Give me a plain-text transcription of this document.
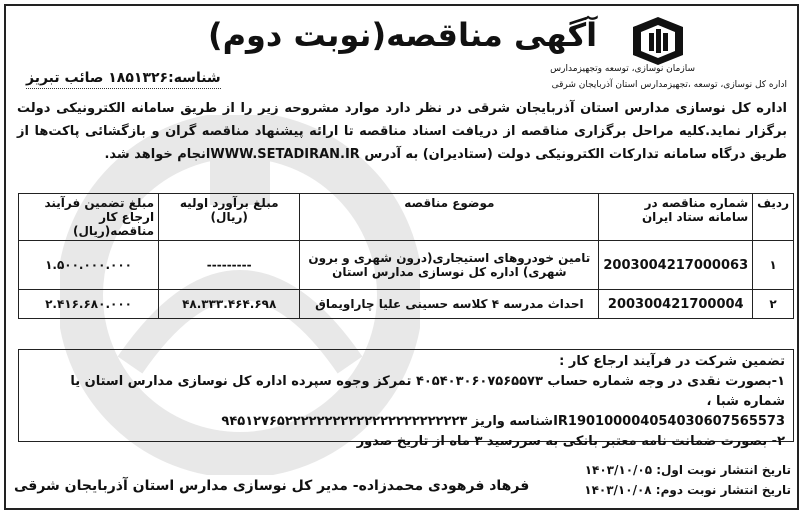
آگهی مناقصه(نوبت دوم)
سازمان نوسازی، توسعه وتجهیزمدارس
اداره کل نوسازی، توسعه ،تجهیزمدارس استان آذربایجان شرقی
شناسه:۱۸۵۱۳۲۶ صائب تبریز
اداره کل نوسازی مدارس استان آذربایجان شرقی در نظر دارد موارد مشروحه زیر را از طریق سامانه الکترونیکی دولت برگزار نماید.کلیه مراحل برگزاری مناقصه از دریافت اسناد مناقصه تا ارائه پیشنهاد مناقصه گران و بازگشائی پاکت‌ها از طریق درگاه سامانه تدارکات الکترونیکی دولت (ستادیران) به آدرس WWW.SETADIRAN.IRانجام خواهد شد.
ردیف	شماره مناقصه در سامانه ستاد ایران	موضوع مناقصه	مبلغ برآورد اولیه (ریال)	مبلغ تضمین فرآیند ارجاع کار مناقصه(ریال)
۱	2003004217000063	تامین خودروهای استیجاری(درون شهری و برون شهری) اداره کل نوسازی مدارس استان	---------	۱.۵۰۰.۰۰۰.۰۰۰
۲	200300421700004	احداث مدرسه ۴ کلاسه حسینی علیا چاراویماق	۴۸.۳۳۳.۴۶۴.۶۹۸	۲.۴۱۶.۶۸۰.۰۰۰
تضمین شرکت در فرآیند ارجاع کار :
۱-بصورت نقدی در وجه شماره حساب ۴۰۵۴۰۳۰۶۰۷۵۶۵۵۷۳ تمرکز وجوه سپرده اداره کل نوسازی مدارس استان یا شماره شبا ،
IR190100004054030607565573شناسه واریز ۹۴۵۱۲۷۶۵۲۲۲۲۲۲۲۲۲۲۲۲۲۲۲۲۲۲۲۲۲۲۳
۲- بصورت ضمانت نامه معتبر بانکی به سررسید ۳ ماه از تاریخ صدور
تاریخ انتشار نوبت اول: ۱۴۰۳/۱۰/۰۵
تاریخ انتشار نوبت دوم: ۱۴۰۳/۱۰/۰۸
فرهاد فرهودی محمدزاده- مدیر کل نوسازی مدارس استان آذربایجان شرقی
